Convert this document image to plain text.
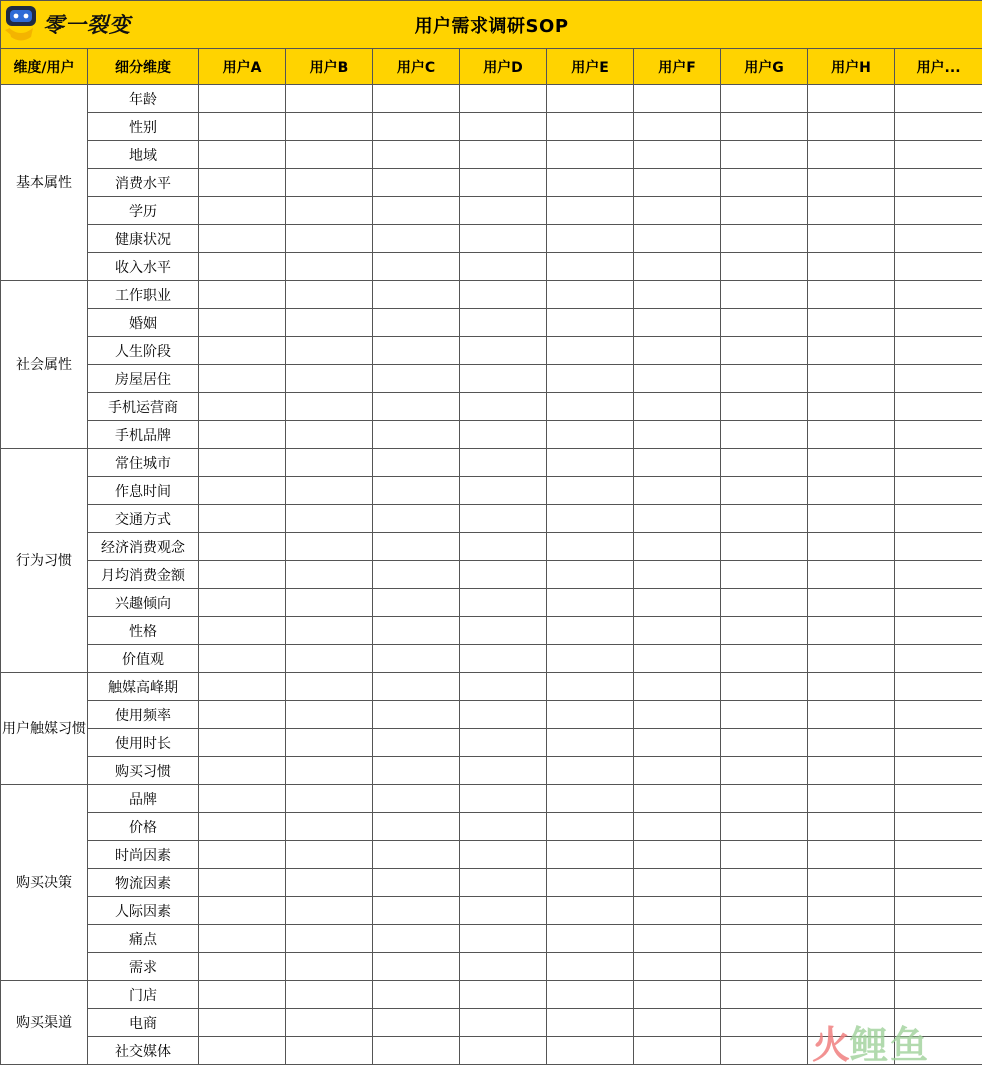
零一裂变 用户需求调研SOP										
维度/用户	细分维度	用户A	用户B	用户C	用户D	用户E	用户F	用户G	用户H	用户...
基本属性	年龄									
	性别									
	地域									
	消费水平									
	学历									
	健康状况									
	收入水平									
社会属性	工作职业									
	婚姻									
	人生阶段									
	房屋居住									
	手机运营商									
	手机品牌									
行为习惯	常住城市									
	作息时间									
	交通方式									
	经济消费观念									
	月均消费金额									
	兴趣倾向									
	性格									
	价值观									
用户触媒习惯	触媒高峰期									
	使用频率									
	使用时长									
	购买习惯									
购买决策	品牌									
	价格									
	时尚因素									
	物流因素									
	人际因素									
	痛点									
	需求									
购买渠道	门店									
	电商									
	社交媒体										火 鲤鱼
